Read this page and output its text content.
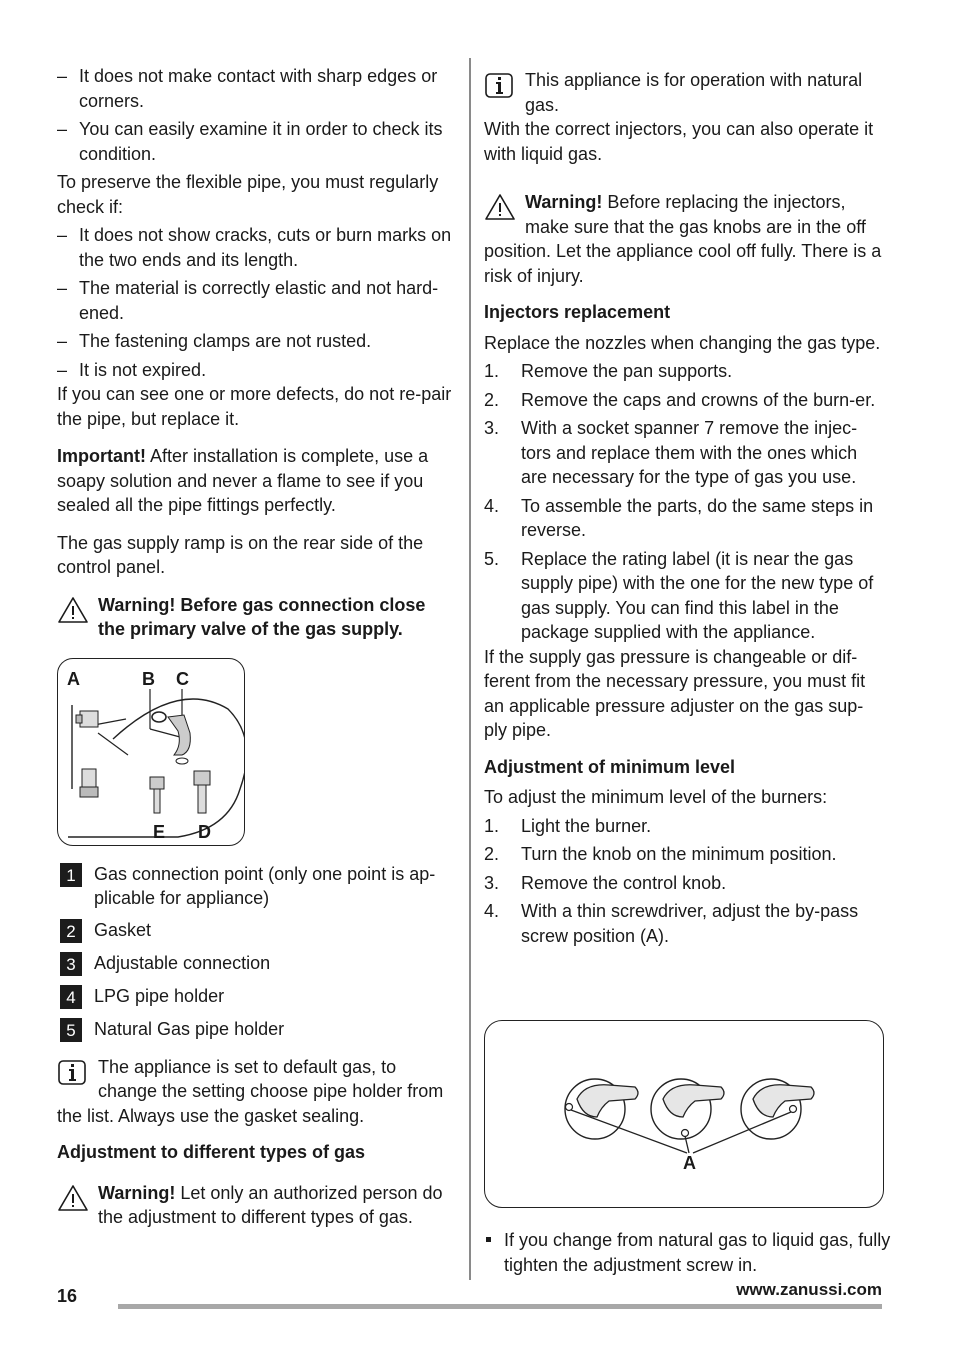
– It does not make contact with sharp edges or corners.

– You can easily examine it in order to check its condition.

To preserve the flexible pipe, you must regularly check if:

– It does not show cracks, cuts or burn marks on the two ends and its length.

– The material is correctly elastic and not hard-ened.

– The fastening clamps are not rusted.

– It is not expired.

If you can see one or more defects, do not re-pair the pipe, but replace it.

Important! After installation is complete, use a soapy solution and never a flame to see if you sealed all the pipe fittings perfectly.

The gas supply ramp is on the rear side of the control panel.

Warning! Before gas connection close the primary valve of the gas supply.
A	B C
E D
1	Gas connection point (only one point is ap-plicable for appliance)
2	Gasket
3	Adjustable connection
4	LPG pipe holder
5	Natural Gas pipe holder
The appliance is set to default gas, to change the setting choose pipe holder from the list. Always use the gasket sealing.

Adjustment to different types of gas

Warning! Let only an authorized person do the adjustment to different types of gas.
This appliance is for operation with natural gas.

With the correct injectors, you can also operate it with liquid gas.

Warning! Before replacing the injectors, make sure that the gas knobs are in the off position. Let the appliance cool off fully. There is a risk of injury.

Injectors replacement

Replace the nozzles when changing the gas type.

1. Remove the pan supports.

2. Remove the caps and crowns of the burn-er.

3. With a socket spanner 7 remove the injec-tors and replace them with the ones which are necessary for the type of gas you use.

4. To assemble the parts, do the same steps in reverse.

5. Replace the rating label (it is near the gas supply pipe) with the one for the new type of gas supply. You can find this label in the package supplied with the appliance.

If the supply gas pressure is changeable or dif-ferent from the necessary pressure, you must fit an applicable pressure adjuster on the gas sup-ply pipe.

Adjustment of minimum level

To adjust the minimum level of the burners:

1. Light the burner.

2. Turn the knob on the minimum position.

3. Remove the control knob.

4. With a thin screwdriver, adjust the by-pass screw position (A).

A

If you change from natural gas to liquid gas, fully tighten the adjustment screw in.

16	www.zanussi.com
